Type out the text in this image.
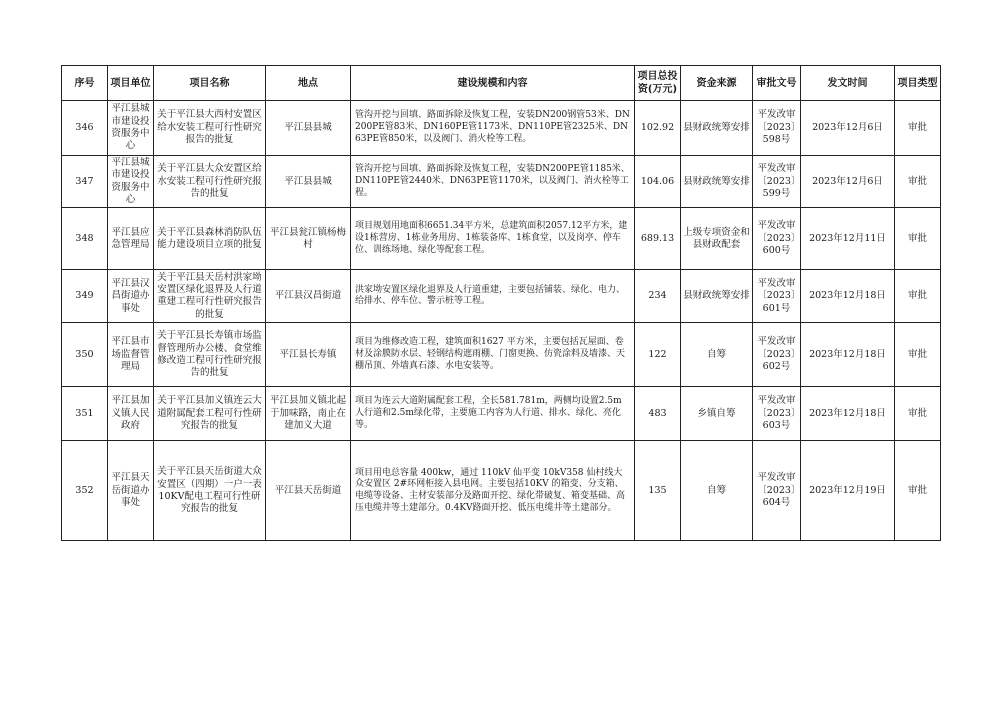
序号	项目单位	项目名称	地点	建设规模和内容	项目总投资(万元)	资金来源	审批文号	发文时间	项目类型
346	平江县城市建设投资服务中心	关于平江县大西村安置区给水安装工程可行性研究报告的批复	平江县县城	管沟开挖与回填、路面拆除及恢复工程，安装DN200钢管53米、DN200PE管83米、DN160PE管1173米、DN110PE管2325米、DN63PE管850米，以及阀门、消火栓等工程。	102.92	县财政统筹安排	平发改审〔2023〕598号	2023年12月6日	审批
347	平江县城市建设投资服务中心	关于平江县大众安置区给水安装工程可行性研究报告的批复	平江县县城	管沟开挖与回填、路面拆除及恢复工程，安装DN200PE管1185米、DN110PE管2440米、DN63PE管1170米，以及阀门、消火栓等工程。	104.06	县财政统筹安排	平发改审〔2023〕599号	2023年12月6日	审批
348	平江县应急管理局	关于平江县森林消防队伍能力建设项目立项的批复	平江县瓮江镇杨梅村	项目规划用地面积6651.34平方米，总建筑面积2057.12平方米，建设1栋营房、1栋业务用房、1栋装备库、1栋食堂，以及岗亭、停车位、训练场地、绿化等配套工程。	689.13	上级专项资金和县财政配套	平发改审〔2023〕600号	2023年12月11日	审批
349	平江县汉昌街道办事处	关于平江县天岳村洪家坳安置区绿化退界及人行道重建工程可行性研究报告的批复	平江县汉昌街道	洪家坳安置区绿化退界及人行道重建，主要包括铺装、绿化、电力、给排水、停车位、警示桩等工程。	234	县财政统筹安排	平发改审〔2023〕601号	2023年12月18日	审批
350	平江县市场监督管理局	关于平江县长寿镇市场监督管理所办公楼、食堂维修改造工程可行性研究报告的批复	平江县长寿镇	项目为维修改造工程，建筑面积1627 平方米，主要包括瓦屋面、卷材及涂膜防水层、轻钢结构遮雨棚、门窗更换、仿瓷涂料及墙漆、天棚吊顶、外墙真石漆、水电安装等。	122	自筹	平发改审〔2023〕602号	2023年12月18日	审批
351	平江县加义镇人民政府	关于平江县加义镇连云大道附属配套工程可行性研究报告的批复	平江县加义镇北起于加味路，南止在建加义大道	项目为连云大道附属配套工程，全长581.781m，两侧均设置2.5m人行道和2.5m绿化带，主要施工内容为人行道、排水、绿化、亮化等。	483	乡镇自筹	平发改审〔2023〕603号	2023年12月18日	审批
352	平江县天岳街道办事处	关于平江县天岳街道大众安置区（四期）一户一表10KV配电工程可行性研究报告的批复	平江县天岳街道	项目用电总容量 400kw，通过 110kV 仙平变 10kV358 仙村线大众安置区 2#环网柜接入县电网。主要包括10KV 的箱变、分支箱、电缆等设备、主材安装部分及路面开挖、绿化带破复、箱变基础、高压电缆井等土建部分。0.4KV路面开挖、低压电缆井等土建部分。	135	自筹	平发改审〔2023〕604号	2023年12月19日	审批
